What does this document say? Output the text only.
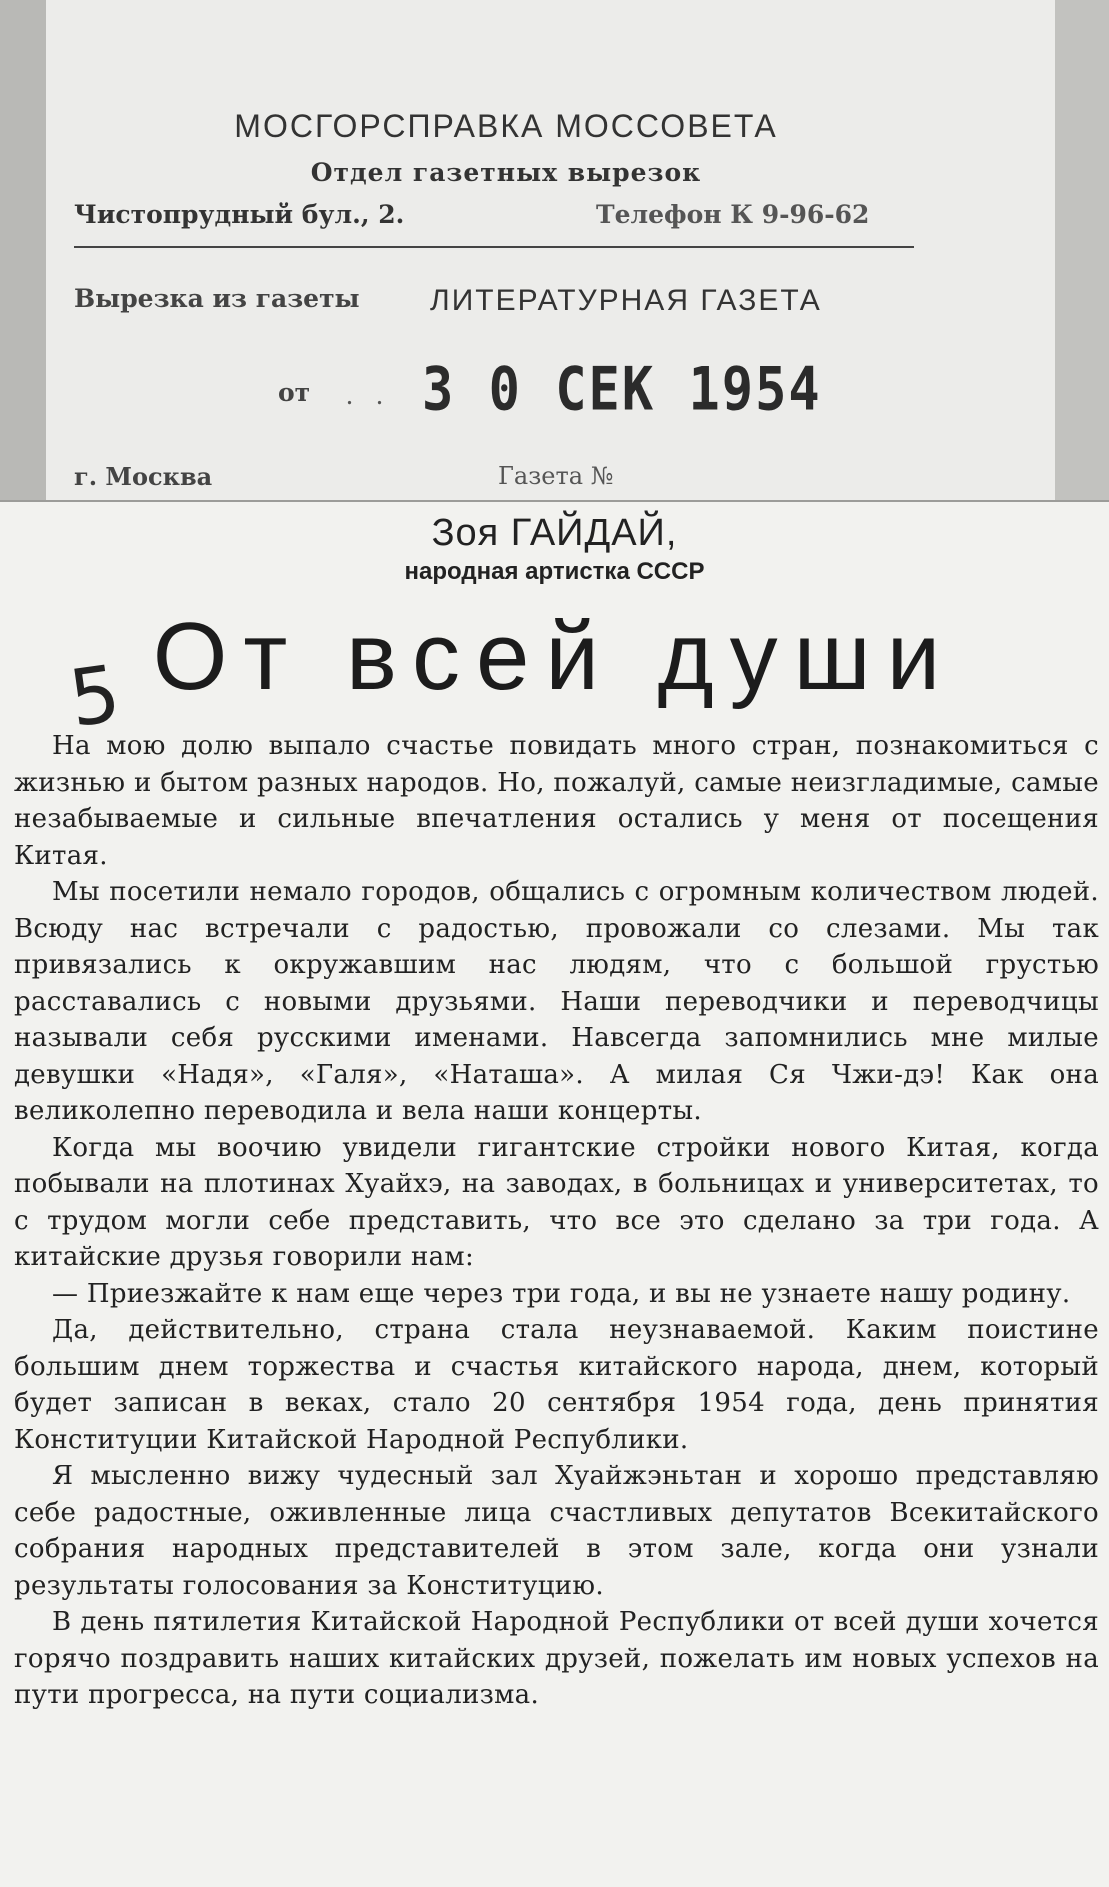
МОСГОРСПРАВКА МОССОВЕТА
Отдел газетных вырезок
Чистопрудный бул., 2.	Телефон К 9-96-62
Вырезка из газеты ЛИТЕРАТУРНАЯ ГАЗЕТА
от . . 3 0 СЕК 1954
г. Москва	Газета №
Зоя ГАЙДАЙ,
народная артистка СССР
От всей души
5

На мою долю выпало счастье повидать много стран, познакомиться с жизнью и бытом разных народов. Но, пожалуй, самые неизгладимые, самые незабываемые и сильные впечатления остались у меня от посещения Китая.

Мы посетили немало городов, общались с огромным количеством людей. Всюду нас встречали с радостью, провожали со слезами. Мы так привязались к окружавшим нас людям, что с большой грустью расставались с новыми друзьями. Наши переводчики и переводчицы называли себя русскими именами. Навсегда запомнились мне милые девушки «Надя», «Галя», «Наташа». А милая Ся Чжи-дэ! Как она великолепно переводила и вела наши концерты.

Когда мы воочию увидели гигантские стройки нового Китая, когда побывали на плотинах Хуайхэ, на заводах, в больницах и университетах, то с трудом могли себе представить, что все это сделано за три года. А китайские друзья говорили нам:

— Приезжайте к нам еще через три года, и вы не узнаете нашу родину.

Да, действительно, страна стала неузнаваемой. Каким поистине большим днем торжества и счастья китайского народа, днем, который будет записан в веках, стало 20 сентября 1954 года, день принятия Конституции Китайской Народной Республики.

Я мысленно вижу чудесный зал Хуайжэньтан и хорошо представляю себе радостные, оживленные лица счастливых депутатов Всекитайского собрания народных представителей в этом зале, когда они узнали результаты голосования за Конституцию.

В день пятилетия Китайской Народной Республики от всей души хочется горячо поздравить наших китайских друзей, пожелать им новых успехов на пути прогресса, на пути социализма.
